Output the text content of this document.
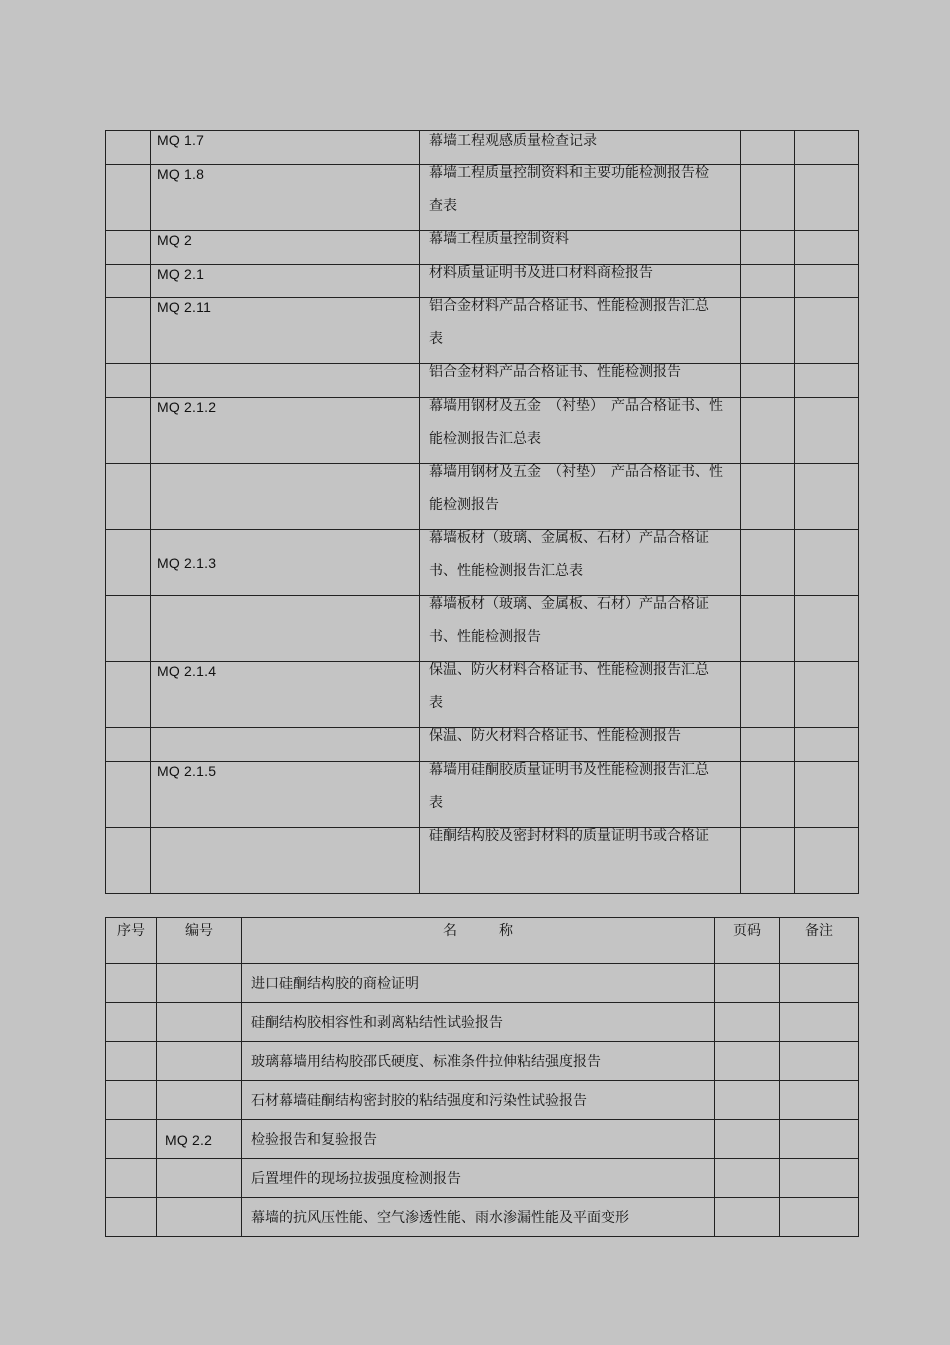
	MQ 1.7	幕墙工程观感质量检查记录		

	MQ 1.8	幕墙工程质量控制资料和主要功能检测报告检查表		

	MQ 2	幕墙工程质量控制资料		

	MQ 2.1	材料质量证明书及进口材料商检报告		

	MQ 2.11	铝合金材料产品合格证书、性能检测报告汇总表		

		铝合金材料产品合格证书、性能检测报告		

	MQ 2.1.2	幕墙用钢材及五金　（衬垫）　产品合格证书、性能检测报告汇总表		

		幕墙用钢材及五金　（衬垫）　产品合格证书、性能检测报告		

	MQ 2.1.3	幕墙板材（玻璃、金属板、石材）产品合格证书、性能检测报告汇总表		

		幕墙板材（玻璃、金属板、石材）产品合格证书、性能检测报告		

	MQ 2.1.4	保温、防火材料合格证书、性能检测报告汇总表		

		保温、防火材料合格证书、性能检测报告		

	MQ 2.1.5	幕墙用硅酮胶质量证明书及性能检测报告汇总表		

		硅酮结构胶及密封材料的质量证明书或合格证		

序号	编号	名　　　称	页码	备注

		进口硅酮结构胶的商检证明		

		硅酮结构胶相容性和剥离粘结性试验报告		

		玻璃幕墙用结构胶邵氏硬度、标准条件拉伸粘结强度报告		

		石材幕墙硅酮结构密封胶的粘结强度和污染性试验报告		

	MQ 2.2	检验报告和复验报告		

		后置埋件的现场拉拔强度检测报告		

		幕墙的抗风压性能、空气渗透性能、雨水渗漏性能及平面变形		
